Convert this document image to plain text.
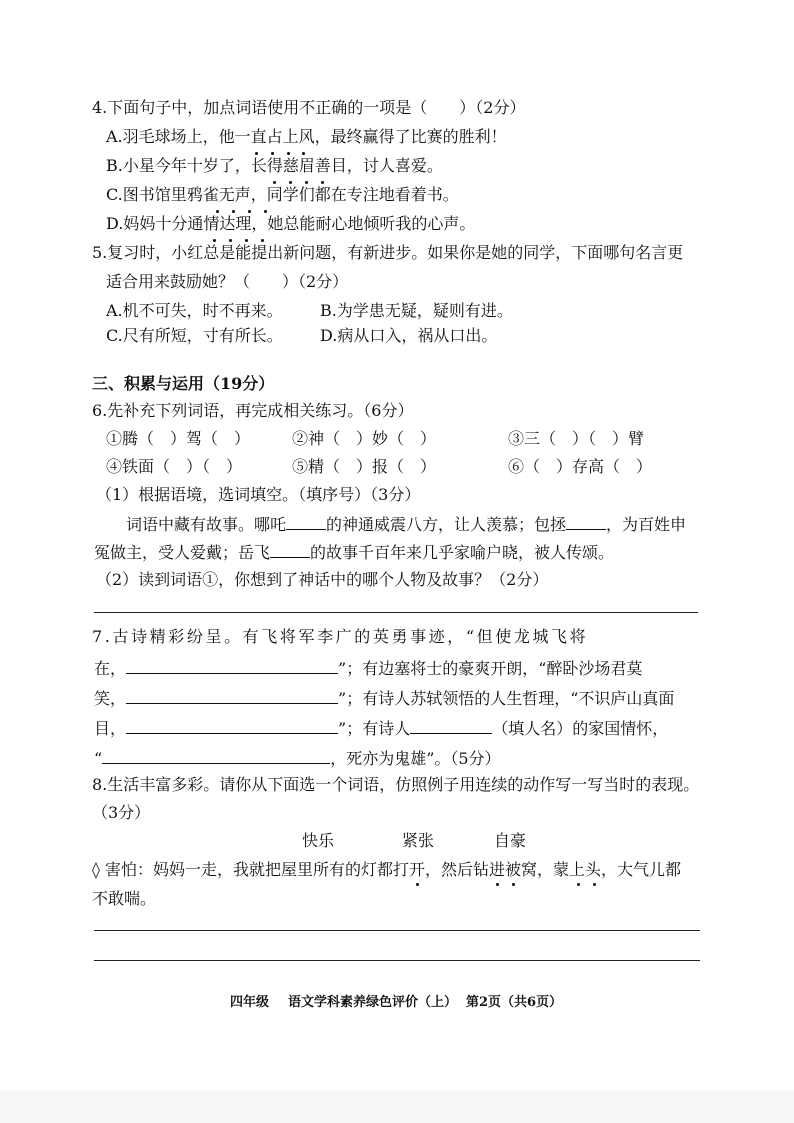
4.下面句子中，加点词语使用不正确的一项是（　　）（2分）
A.羽毛球场上，他一直占上风，最终赢得了比赛的胜利！
B.小星今年十岁了，长得慈眉善目，讨人喜爱。
C.图书馆里鸦雀无声，同学们都在专注地看着书。
D.妈妈十分通情达理，她总能耐心地倾听我的心声。
5.复习时，小红总是能提出新问题，有新进步。如果你是她的同学，下面哪句名言更
适合用来鼓励她？（　　）（2分）
A.机不可失，时不再来。 B.为学患无疑，疑则有进。
C.尺有所短，寸有所长。 D.病从口入，祸从口出。
三、积累与运用（19分）
6.先补充下列词语，再完成相关练习。（6分）
①腾（　）驾（　）	②神（　）妙（　）	③三（　）（　）臂
④铁面（　）（　）	⑤精（　）报（　）	⑥（　）存高（　）
（1）根据语境，选词填空。（填序号）（3分）
词语中藏有故事。哪吒	的神通威震八方，让人羡慕；包拯	，为百姓申
冤做主，受人爱戴；岳飞	的故事千百年来几乎家喻户晓，被人传颂。
（2）读到词语①，你想到了神话中的哪个人物及故事？（2分）
7.古诗精彩纷呈。有飞将军李广的英勇事迹，“但使龙城飞将
在，	”；有边塞将士的豪爽开朗，“醉卧沙场君莫
笑，	”；有诗人苏轼领悟的人生哲理，“不识庐山真面
目，	”；有诗人	（填人名）的家国情怀，
“	，死亦为鬼雄”。（5分）
8.生活丰富多彩。请你从下面选一个词语，仿照例子用连续的动作写一写当时的表现。
（3分）
快乐	紧张	自豪
◊ 害怕：妈妈一走，我就把屋里所有的灯都打开，然后钻进被窝，蒙上头，大气儿都
不敢喘。
四年级 语文学科素养绿色评价（上） 第2页（共6页）
